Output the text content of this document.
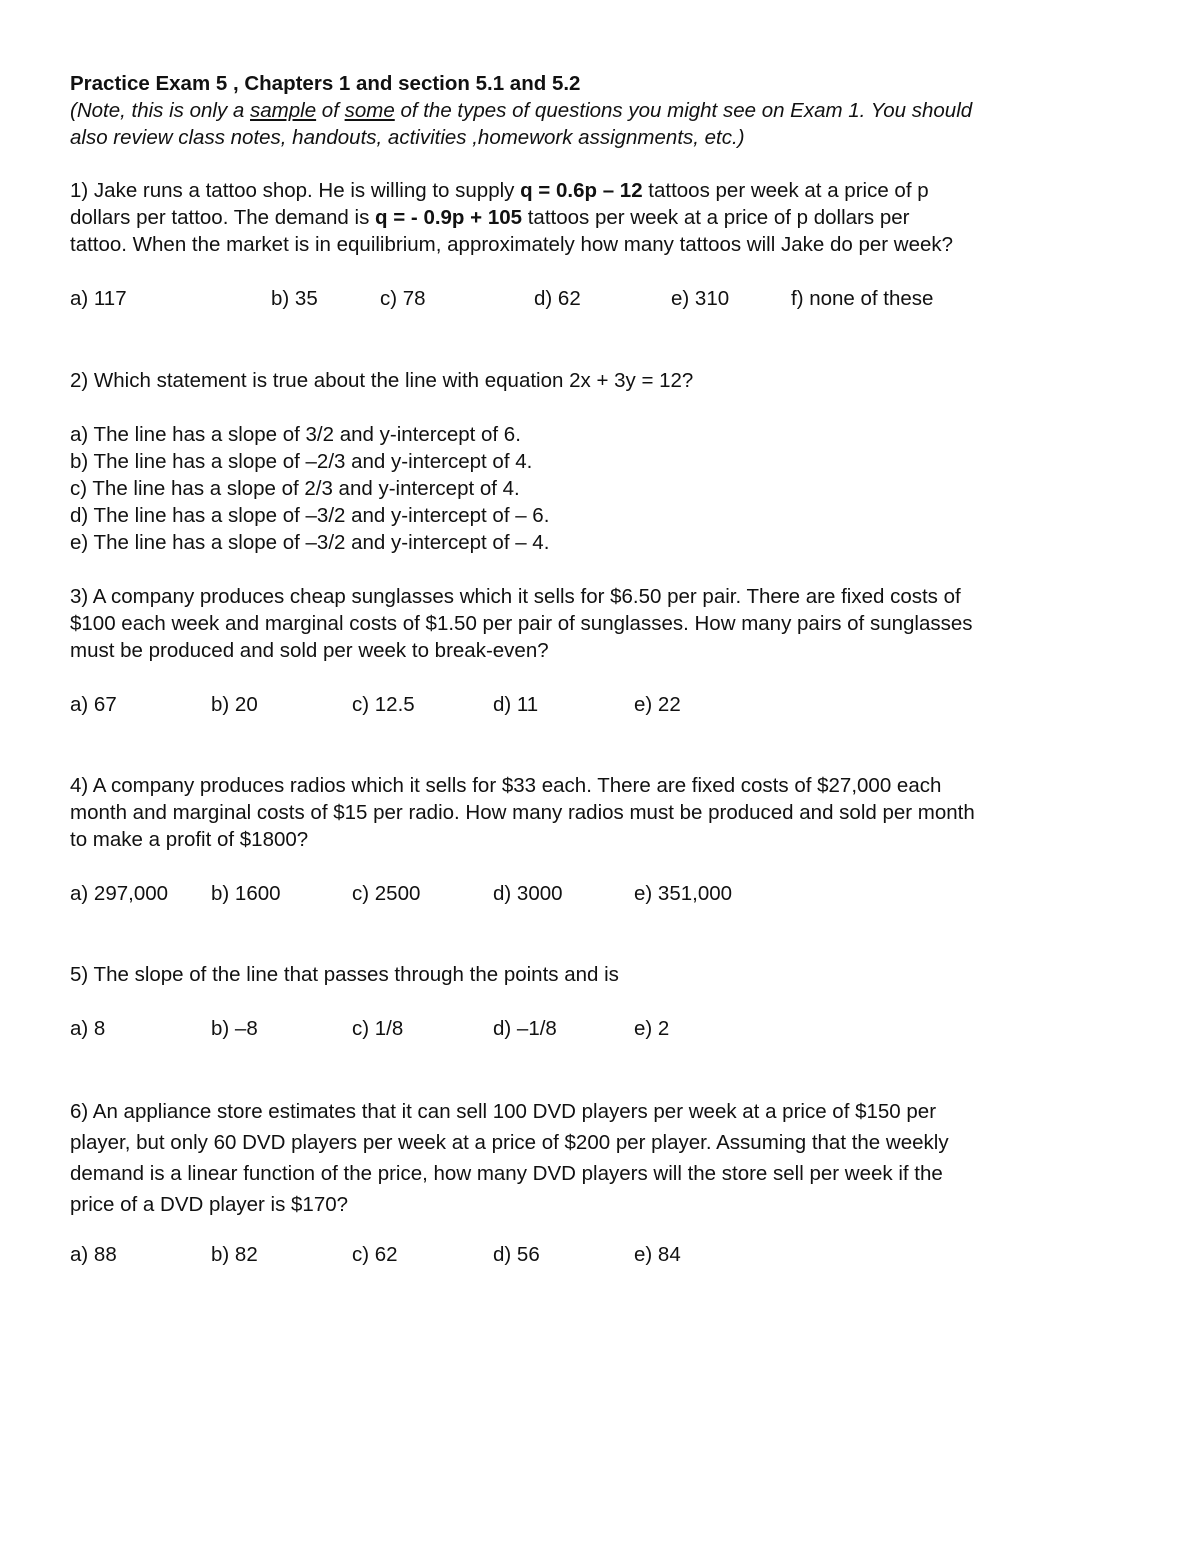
Practice Exam 5 , Chapters 1 and section 5.1 and 5.2
(Note, this is only a sample of some of the types of questions you might see on Exam 1. You should
also review class notes, handouts, activities ,homework assignments, etc.)
1) Jake runs a tattoo shop. He is willing to supply q = 0.6p – 12 tattoos per week at a price of p
dollars per tattoo. The demand is q = - 0.9p + 105 tattoos per week at a price of p dollars per
tattoo. When the market is in equilibrium, approximately how many tattoos will Jake do per week?
a) 117	b) 35	c) 78	d) 62	e) 310	f) none of these
2) Which statement is true about the line with equation 2x + 3y = 12?
a) The line has a slope of 3/2 and y-intercept of 6.
b) The line has a slope of –2/3 and y-intercept of 4.
c) The line has a slope of 2/3 and y-intercept of 4.
d) The line has a slope of –3/2 and y-intercept of – 6.
e) The line has a slope of –3/2 and y-intercept of – 4.
3) A company produces cheap sunglasses which it sells for $6.50 per pair. There are fixed costs of
$100 each week and marginal costs of $1.50 per pair of sunglasses. How many pairs of sunglasses
must be produced and sold per week to break-even?
a) 67	b) 20	c) 12.5	d) 11	e) 22
4) A company produces radios which it sells for $33 each. There are fixed costs of $27,000 each
month and marginal costs of $15 per radio. How many radios must be produced and sold per month
to make a profit of $1800?
a) 297,000 b) 1600	c) 2500	d) 3000	e) 351,000
5) The slope of the line that passes through the points and is
a) 8	b) –8	c) 1/8	d) –1/8	e) 2
6) An appliance store estimates that it can sell 100 DVD players per week at a price of $150 per
player, but only 60 DVD players per week at a price of $200 per player. Assuming that the weekly
demand is a linear function of the price, how many DVD players will the store sell per week if the
price of a DVD player is $170?
a) 88	b) 82	c) 62	d) 56	e) 84
